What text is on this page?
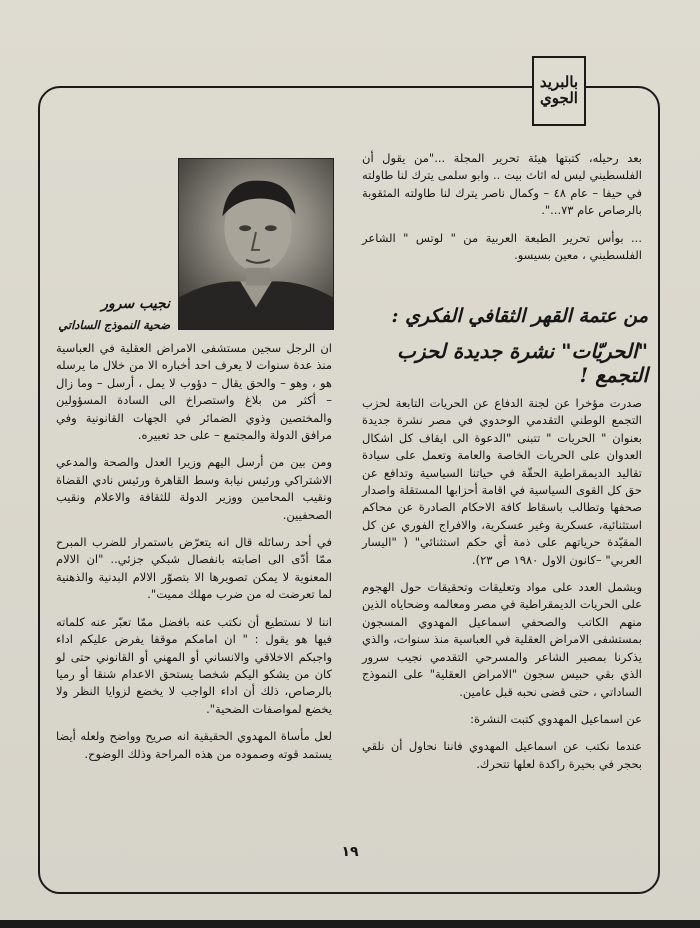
بالبريد
الجوي

بعد رحيله، كتبتها هيئة تحرير المجلة ..."من يقول أن الفلسطيني ليس له اثاث بيت .. وابو سلمى يترك لنا طاولته في حيفا – عام ٤٨ – وكمال ناصر يترك لنا طاولته المثقوبة بالرصاص عام ٧٣...".

... بوأس تحرير الطبعة العربية من " لوتس " الشاعر الفلسطيني ، معين بسيسو.

من عتمة القهر الثقافي الفكري :
"الحريّات" نشرة جديدة لحزب التجمع !

صدرت مؤخرا عن لجنة الدفاع عن الحريات التابعة لحزب التجمع الوطني التقدمي الوحدوي في مصر نشرة جديدة بعنوان " الحريات " تتبنى "الدعوة الى ايقاف كل اشكال العدوان على الحريات الخاصة والعامة وتعمل على سيادة تقاليد الديمقراطية الحقّة في حياتنا السياسية وتدافع عن حق كل القوى السياسية في اقامة أحزابها المستقلة واصدار صحفها وتطالب باسقاط كافة الاحكام الصادرة عن محاكم استثنائية، عسكرية وغير عسكرية، والافراج الفوري عن كل المقيّدة حرياتهم على ذمة أي حكم استثنائي" ( "اليسار العربي" –كانون الاول ١٩٨٠ ص ٢٣).

ويشمل العدد على مواد وتعليقات وتحقيقات حول الهجوم على الحريات الديمقراطية في مصر ومعالمه وضحاياه الذين منهم الكاتب والصحفي اسماعيل المهدوي المسجون بمستشفى الامراض العقلية في العباسية منذ سنوات، والذي يذكرنا بمصير الشاعر والمسرحي التقدمي نجيب سرور الذي بقي حبيس سجون "الامراض العقلية" على النموذج الساداتي ، حتى قضى نحبه قبل عامين.

عن اسماعيل المهدوي كتبت النشرة:

عندما نكتب عن اسماعيل المهدوي فاننا نحاول أن نلقي بحجر في بحيرة راكدة لعلها تتحرك.

نجيب سرور
ضحية النموذج الساداتي

ان الرجل سجين مستشفى الامراض العقلية في العباسية منذ عدة سنوات لا يعرف احد أخباره الا من خلال ما يرسله هو ، وهو – والحق يقال – دؤوب لا يمل ، أرسل – وما زال – أكثر من بلاغ واستصراخ الى السادة المسؤولين والمختصين وذوي الضمائر في الجهات القانونية وفي مرافق الدولة والمجتمع – على حد تعبيره.

ومن بين من أرسل اليهم وزيرا العدل والصحة والمدعي الاشتراكي ورئيس نيابة وسط القاهرة ورئيس نادي القضاة ونقيب المحامين ووزير الدولة للثقافة والاعلام ونقيب الصحفيين.

في أحد رسائله قال انه يتعرّض باستمرار للضرب المبرح ممّا أدّى الى اصابته بانفصال شبكي جزئي.. "ان الالام المعنوية لا يمكن تصويرها الا بتصوّر الالام البدنية والذهنية لما تعرضت له من ضرب مهلك مميت".

اننا لا نستطيع أن نكتب عنه بافضل ممّا تعبّر عنه كلماته فيها هو يقول : " ان امامكم موقفا يفرض عليكم اداء واجبكم الاخلاقي والانساني أو المهني أو القانوني حتى لو كان من يشكو اليكم شخصا يستحق الاعدام شنقا أو رميا بالرصاص، ذلك أن اداء الواجب لا يخضع لزوايا النظر ولا يخضع لمواصفات الضحية".

لعل مأساة المهدوي الحقيقية انه صريح وواضح ولعله أيضا يستمد قوته وصموده من هذه المراحة وذلك الوضوح.

١٩
